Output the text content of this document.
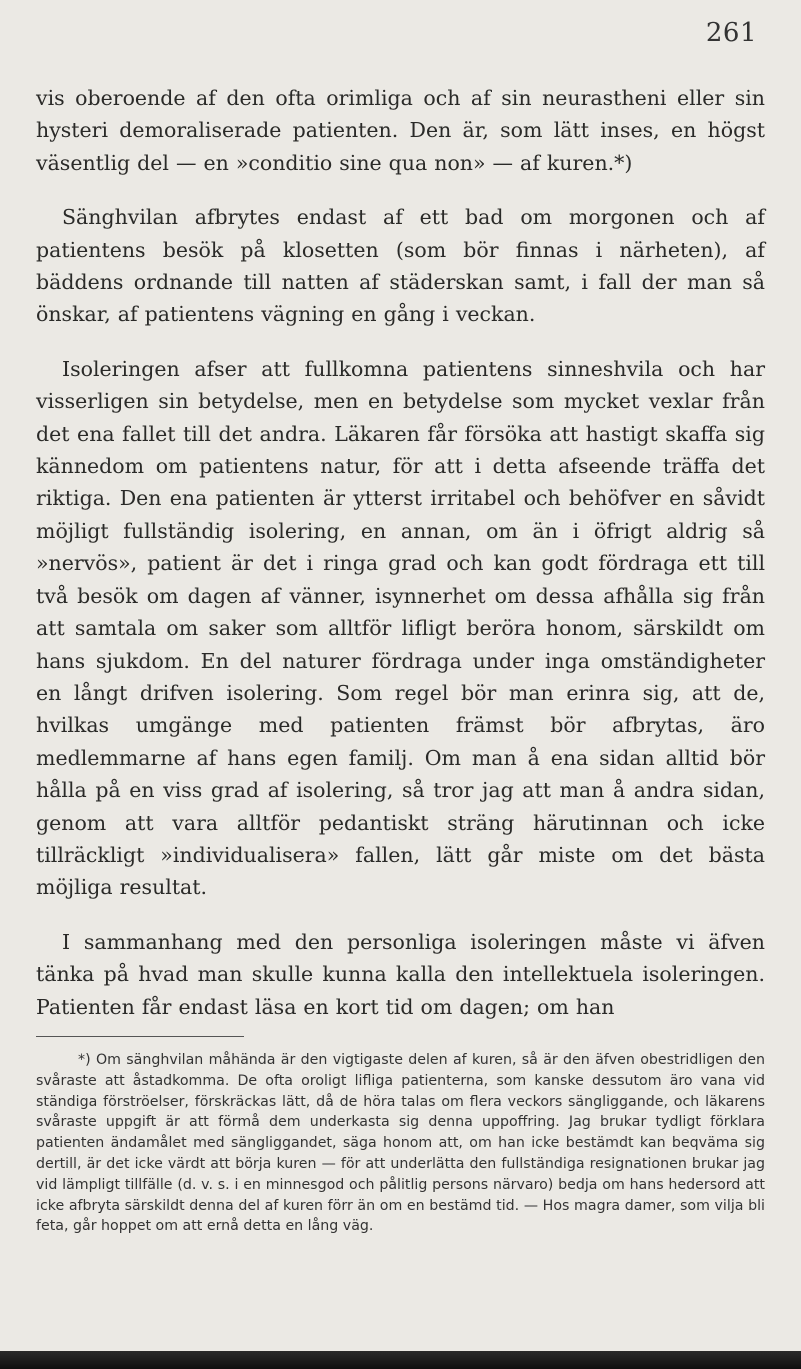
261

vis oberoende af den ofta orimliga och af sin neurastheni eller sin hysteri demoraliserade patienten. Den är, som lätt inses, en högst väsentlig del — en »conditio sine qua non» — af kuren.*)

Sänghvilan afbrytes endast af ett bad om morgonen och af patientens besök på klosetten (som bör finnas i närheten), af bäddens ordnande till natten af städerskan samt, i fall der man så önskar, af patientens vägning en gång i veckan.

Isoleringen afser att fullkomna patientens sinneshvila och har visserligen sin betydelse, men en betydelse som mycket vexlar från det ena fallet till det andra. Läkaren får försöka att hastigt skaffa sig kännedom om patientens natur, för att i detta afseende träffa det riktiga. Den ena patienten är ytterst irritabel och behöfver en såvidt möjligt fullständig isolering, en annan, om än i öfrigt aldrig så »nervös», patient är det i ringa grad och kan godt fördraga ett till två besök om dagen af vänner, isynnerhet om dessa afhålla sig från att samtala om saker som alltför lifligt beröra honom, särskildt om hans sjukdom. En del naturer fördraga under inga omständigheter en långt drifven isolering. Som regel bör man erinra sig, att de, hvilkas umgänge med patienten främst bör afbrytas, äro medlemmarne af hans egen familj. Om man å ena sidan alltid bör hålla på en viss grad af isolering, så tror jag att man å andra sidan, genom att vara alltför pedantiskt sträng härutinnan och icke tillräckligt »individualisera» fallen, lätt går miste om det bästa möjliga resultat.

I sammanhang med den personliga isoleringen måste vi äfven tänka på hvad man skulle kunna kalla den intellektuela isoleringen. Patienten får endast läsa en kort tid om dagen; om han

*) Om sänghvilan måhända är den vigtigaste delen af kuren, så är den äfven obestridligen den svåraste att åstadkomma. De ofta oroligt lifliga patienterna, som kanske dessutom äro vana vid ständiga förströelser, förskräckas lätt, då de höra talas om flera veckors sängliggande, och läkarens svåraste uppgift är att förmå dem underkasta sig denna uppoffring. Jag brukar tydligt förklara patienten ändamålet med sängliggandet, säga honom att, om han icke bestämdt kan beqväma sig dertill, är det icke värdt att börja kuren — för att underlätta den fullständiga resignationen brukar jag vid lämpligt tillfälle (d. v. s. i en minnesgod och pålitlig persons närvaro) bedja om hans hedersord att icke afbryta särskildt denna del af kuren förr än om en bestämd tid. — Hos magra damer, som vilja bli feta, går hoppet om att ernå detta en lång väg.
